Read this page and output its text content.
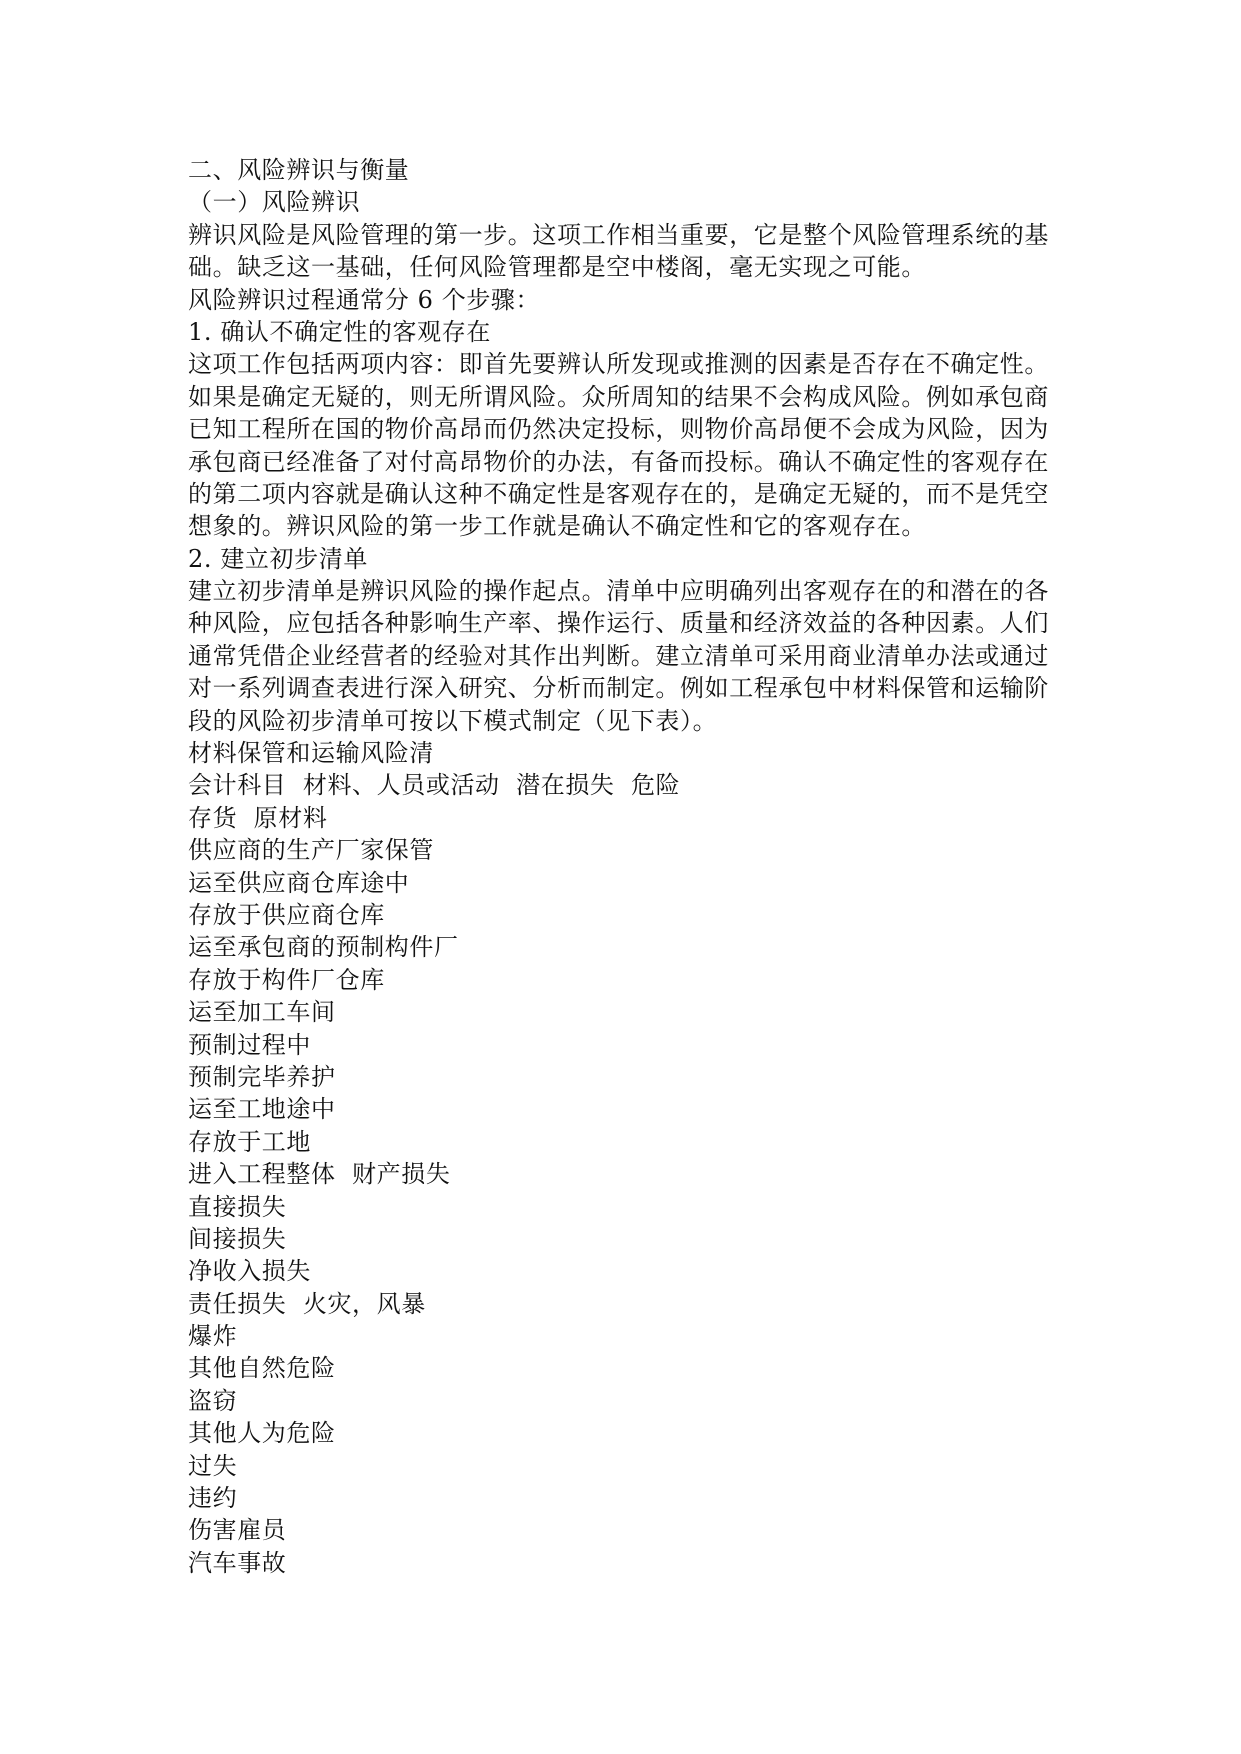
二、风险辨识与衡量
（一）风险辨识
辨识风险是风险管理的第一步。这项工作相当重要，它是整个风险管理系统的基
础。缺乏这一基础，任何风险管理都是空中楼阁，毫无实现之可能。
风险辨识过程通常分 6 个步骤：
1. 确认不确定性的客观存在
这项工作包括两项内容：即首先要辨认所发现或推测的因素是否存在不确定性。
如果是确定无疑的，则无所谓风险。众所周知的结果不会构成风险。例如承包商
已知工程所在国的物价高昂而仍然决定投标，则物价高昂便不会成为风险，因为
承包商已经准备了对付高昂物价的办法，有备而投标。确认不确定性的客观存在
的第二项内容就是确认这种不确定性是客观存在的，是确定无疑的，而不是凭空
想象的。辨识风险的第一步工作就是确认不确定性和它的客观存在。
2. 建立初步清单
建立初步清单是辨识风险的操作起点。清单中应明确列出客观存在的和潜在的各
种风险，应包括各种影响生产率、操作运行、质量和经济效益的各种因素。人们
通常凭借企业经营者的经验对其作出判断。建立清单可采用商业清单办法或通过
对一系列调查表进行深入研究、分析而制定。例如工程承包中材料保管和运输阶
段的风险初步清单可按以下模式制定（见下表）。
材料保管和运输风险清
会计科目  材料、人员或活动  潜在损失  危险
存货  原材料
供应商的生产厂家保管
运至供应商仓库途中
存放于供应商仓库
运至承包商的预制构件厂
存放于构件厂仓库
运至加工车间
预制过程中
预制完毕养护
运至工地途中
存放于工地
进入工程整体  财产损失
直接损失
间接损失
净收入损失
责任损失  火灾，风暴
爆炸
其他自然危险
盗窃
其他人为危险
过失
违约
伤害雇员
汽车事故
